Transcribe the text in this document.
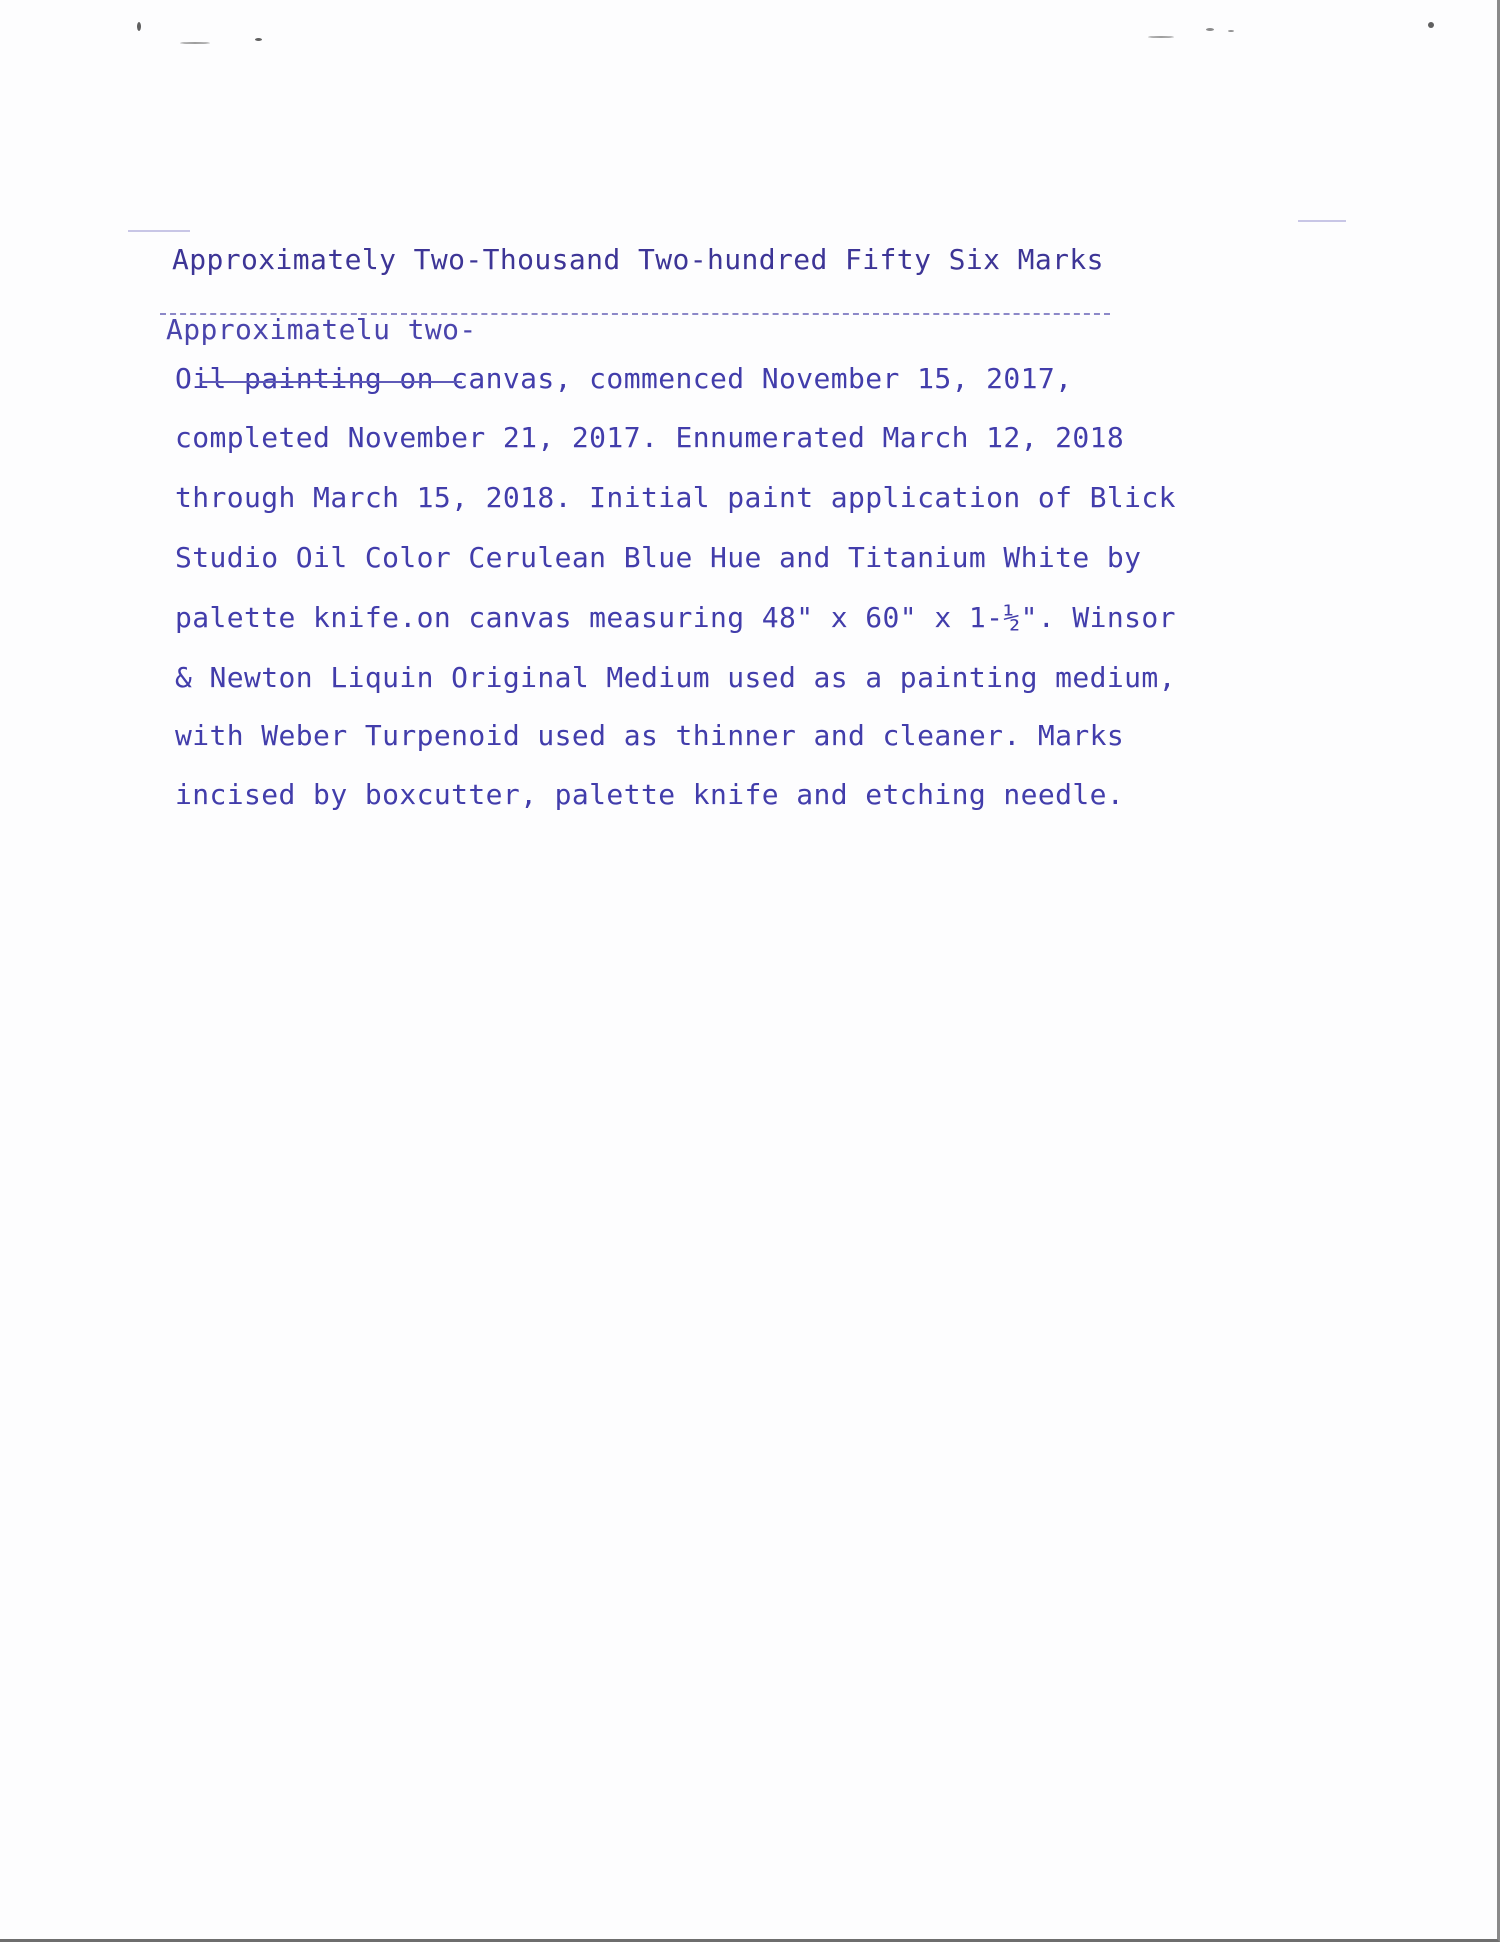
Approximately Two-Thousand Two-hundred Fifty Six Marks
Approximatelu two-
Oil painting on canvas, commenced November 15, 2017,
completed November 21, 2017. Ennumerated March 12, 2018
through March 15, 2018. Initial paint application of Blick
Studio Oil Color Cerulean Blue Hue and Titanium White by
palette knife.on canvas measuring 48" x 60" x 1-½". Winsor
& Newton Liquin Original Medium used as a painting medium,
with Weber Turpenoid used as thinner and cleaner. Marks
incised by boxcutter, palette knife and etching needle.
